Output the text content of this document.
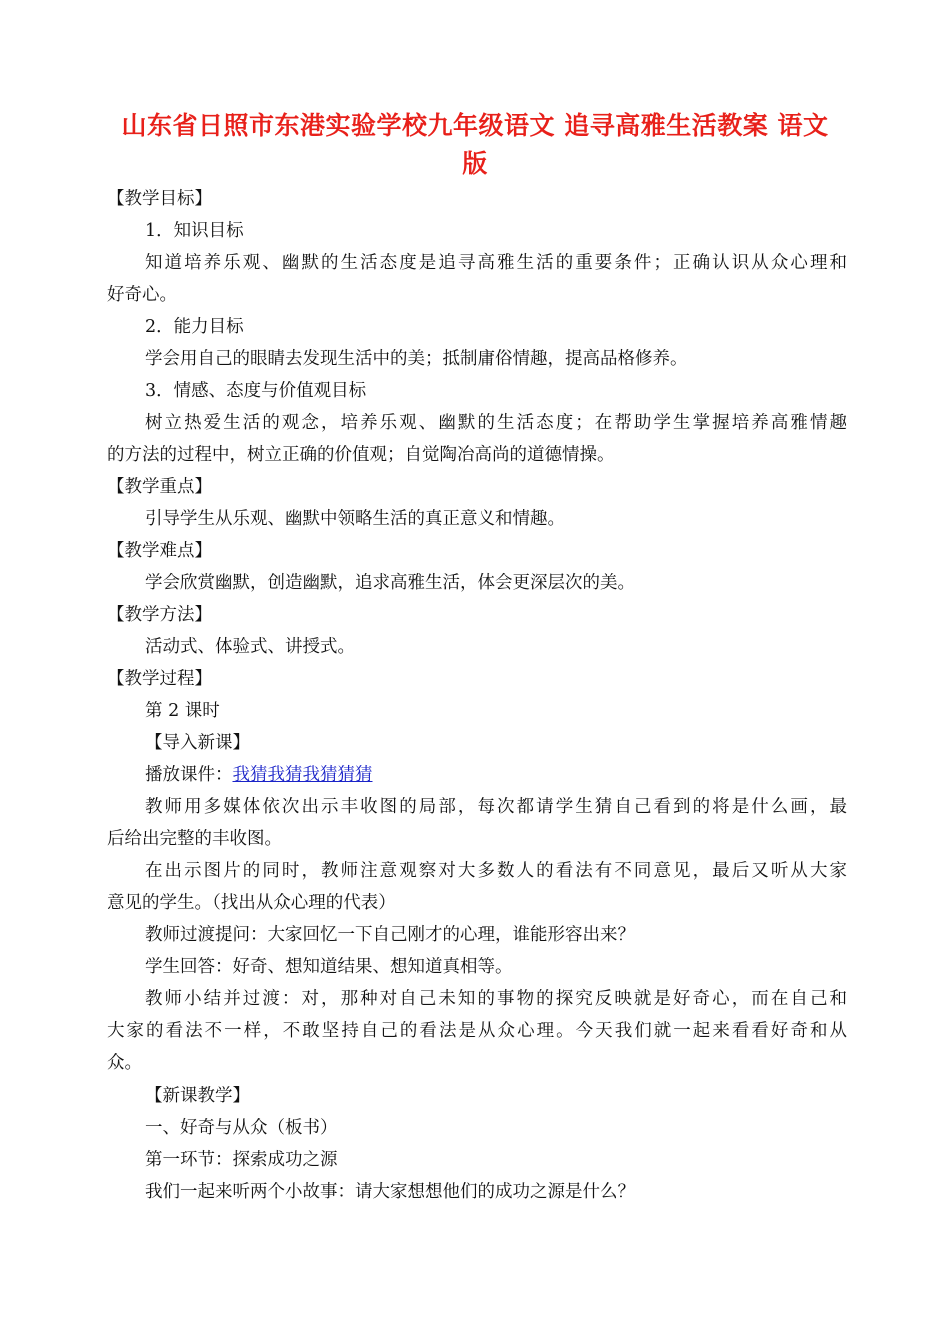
山东省日照市东港实验学校九年级语文 追寻高雅生活教案 语文
版
【教学目标】
1．知识目标
知道培养乐观、幽默的生活态度是追寻高雅生活的重要条件；正确认识从众心理和
好奇心。
2．能力目标
学会用自己的眼睛去发现生活中的美；抵制庸俗情趣，提高品格修养。
3．情感、态度与价值观目标
树立热爱生活的观念，培养乐观、幽默的生活态度；在帮助学生掌握培养高雅情趣
的方法的过程中，树立正确的价值观；自觉陶冶高尚的道德情操。
【教学重点】
引导学生从乐观、幽默中领略生活的真正意义和情趣。
【教学难点】
学会欣赏幽默，创造幽默，追求高雅生活，体会更深层次的美。
【教学方法】
活动式、体验式、讲授式。
【教学过程】
第 2 课时
【导入新课】
播放课件：我猜我猜我猜猜猜
教师用多媒体依次出示丰收图的局部，每次都请学生猜自己看到的将是什么画，最
后给出完整的丰收图。
在出示图片的同时，教师注意观察对大多数人的看法有不同意见，最后又听从大家
意见的学生。（找出从众心理的代表）
教师过渡提问：大家回忆一下自己刚才的心理，谁能形容出来？
学生回答：好奇、想知道结果、想知道真相等。
教师小结并过渡：对，那种对自己未知的事物的探究反映就是好奇心，而在自己和
大家的看法不一样，不敢坚持自己的看法是从众心理。今天我们就一起来看看好奇和从
众。
【新课教学】
一、好奇与从众（板书）
第一环节：探索成功之源
我们一起来听两个小故事：请大家想想他们的成功之源是什么？
